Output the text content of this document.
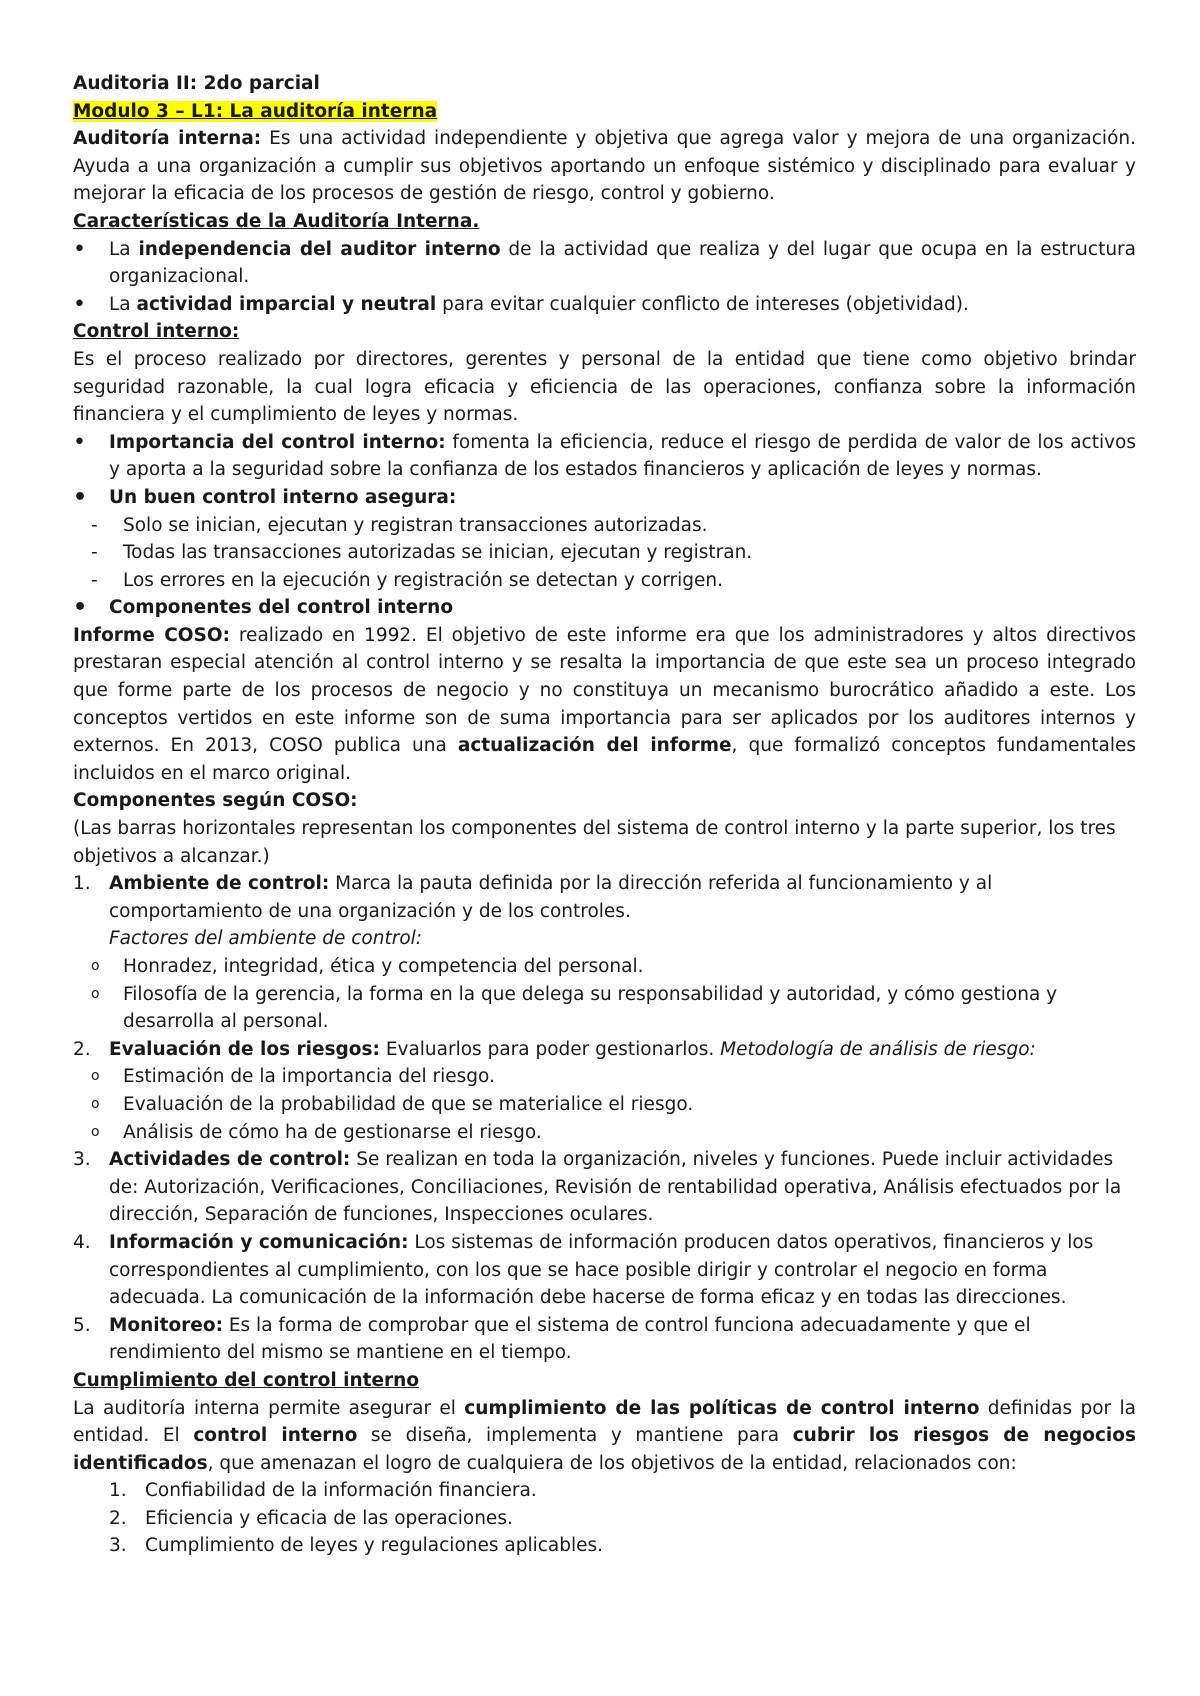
Auditoria II: 2do parcial

Modulo 3 – L1: La auditoría interna

Auditoría interna: Es una actividad independiente y objetiva que agrega valor y mejora de una organización. Ayuda a una organización a cumplir sus objetivos aportando un enfoque sistémico y disciplinado para evaluar y mejorar la eficacia de los procesos de gestión de riesgo, control y gobierno.

Características de la Auditoría Interna.

• La independencia del auditor interno de la actividad que realiza y del lugar que ocupa en la estructura organizacional.

• La actividad imparcial y neutral para evitar cualquier conflicto de intereses (objetividad).

Control interno:

Es el proceso realizado por directores, gerentes y personal de la entidad que tiene como objetivo brindar seguridad razonable, la cual logra eficacia y eficiencia de las operaciones, confianza sobre la información financiera y el cumplimiento de leyes y normas.

• Importancia del control interno: fomenta la eficiencia, reduce el riesgo de perdida de valor de los activos y aporta a la seguridad sobre la confianza de los estados financieros y aplicación de leyes y normas.

• Un buen control interno asegura:

- Solo se inician, ejecutan y registran transacciones autorizadas.

- Todas las transacciones autorizadas se inician, ejecutan y registran.

- Los errores en la ejecución y registración se detectan y corrigen.

• Componentes del control interno

Informe COSO: realizado en 1992. El objetivo de este informe era que los administradores y altos directivos prestaran especial atención al control interno y se resalta la importancia de que este sea un proceso integrado que forme parte de los procesos de negocio y no constituya un mecanismo burocrático añadido a este. Los conceptos vertidos en este informe son de suma importancia para ser aplicados por los auditores internos y externos. En 2013, COSO publica una actualización del informe, que formalizó conceptos fundamentales incluidos en el marco original.

Componentes según COSO:

(Las barras horizontales representan los componentes del sistema de control interno y la parte superior, los tres objetivos a alcanzar.)

1. Ambiente de control: Marca la pauta definida por la dirección referida al funcionamiento y al comportamiento de una organización y de los controles.

Factores del ambiente de control:

o Honradez, integridad, ética y competencia del personal.

o Filosofía de la gerencia, la forma en la que delega su responsabilidad y autoridad, y cómo gestiona y desarrolla al personal.

2. Evaluación de los riesgos: Evaluarlos para poder gestionarlos. Metodología de análisis de riesgo:

o Estimación de la importancia del riesgo.

o Evaluación de la probabilidad de que se materialice el riesgo.

o Análisis de cómo ha de gestionarse el riesgo.

3. Actividades de control: Se realizan en toda la organización, niveles y funciones. Puede incluir actividades de: Autorización, Verificaciones, Conciliaciones, Revisión de rentabilidad operativa, Análisis efectuados por la dirección, Separación de funciones, Inspecciones oculares.

4. Información y comunicación: Los sistemas de información producen datos operativos, financieros y los correspondientes al cumplimiento, con los que se hace posible dirigir y controlar el negocio en forma adecuada. La comunicación de la información debe hacerse de forma eficaz y en todas las direcciones.

5. Monitoreo: Es la forma de comprobar que el sistema de control funciona adecuadamente y que el rendimiento del mismo se mantiene en el tiempo.

Cumplimiento del control interno

La auditoría interna permite asegurar el cumplimiento de las políticas de control interno definidas por la entidad. El control interno se diseña, implementa y mantiene para cubrir los riesgos de negocios identificados, que amenazan el logro de cualquiera de los objetivos de la entidad, relacionados con:

1. Confiabilidad de la información financiera.

2. Eficiencia y eficacia de las operaciones.

3. Cumplimiento de leyes y regulaciones aplicables.
